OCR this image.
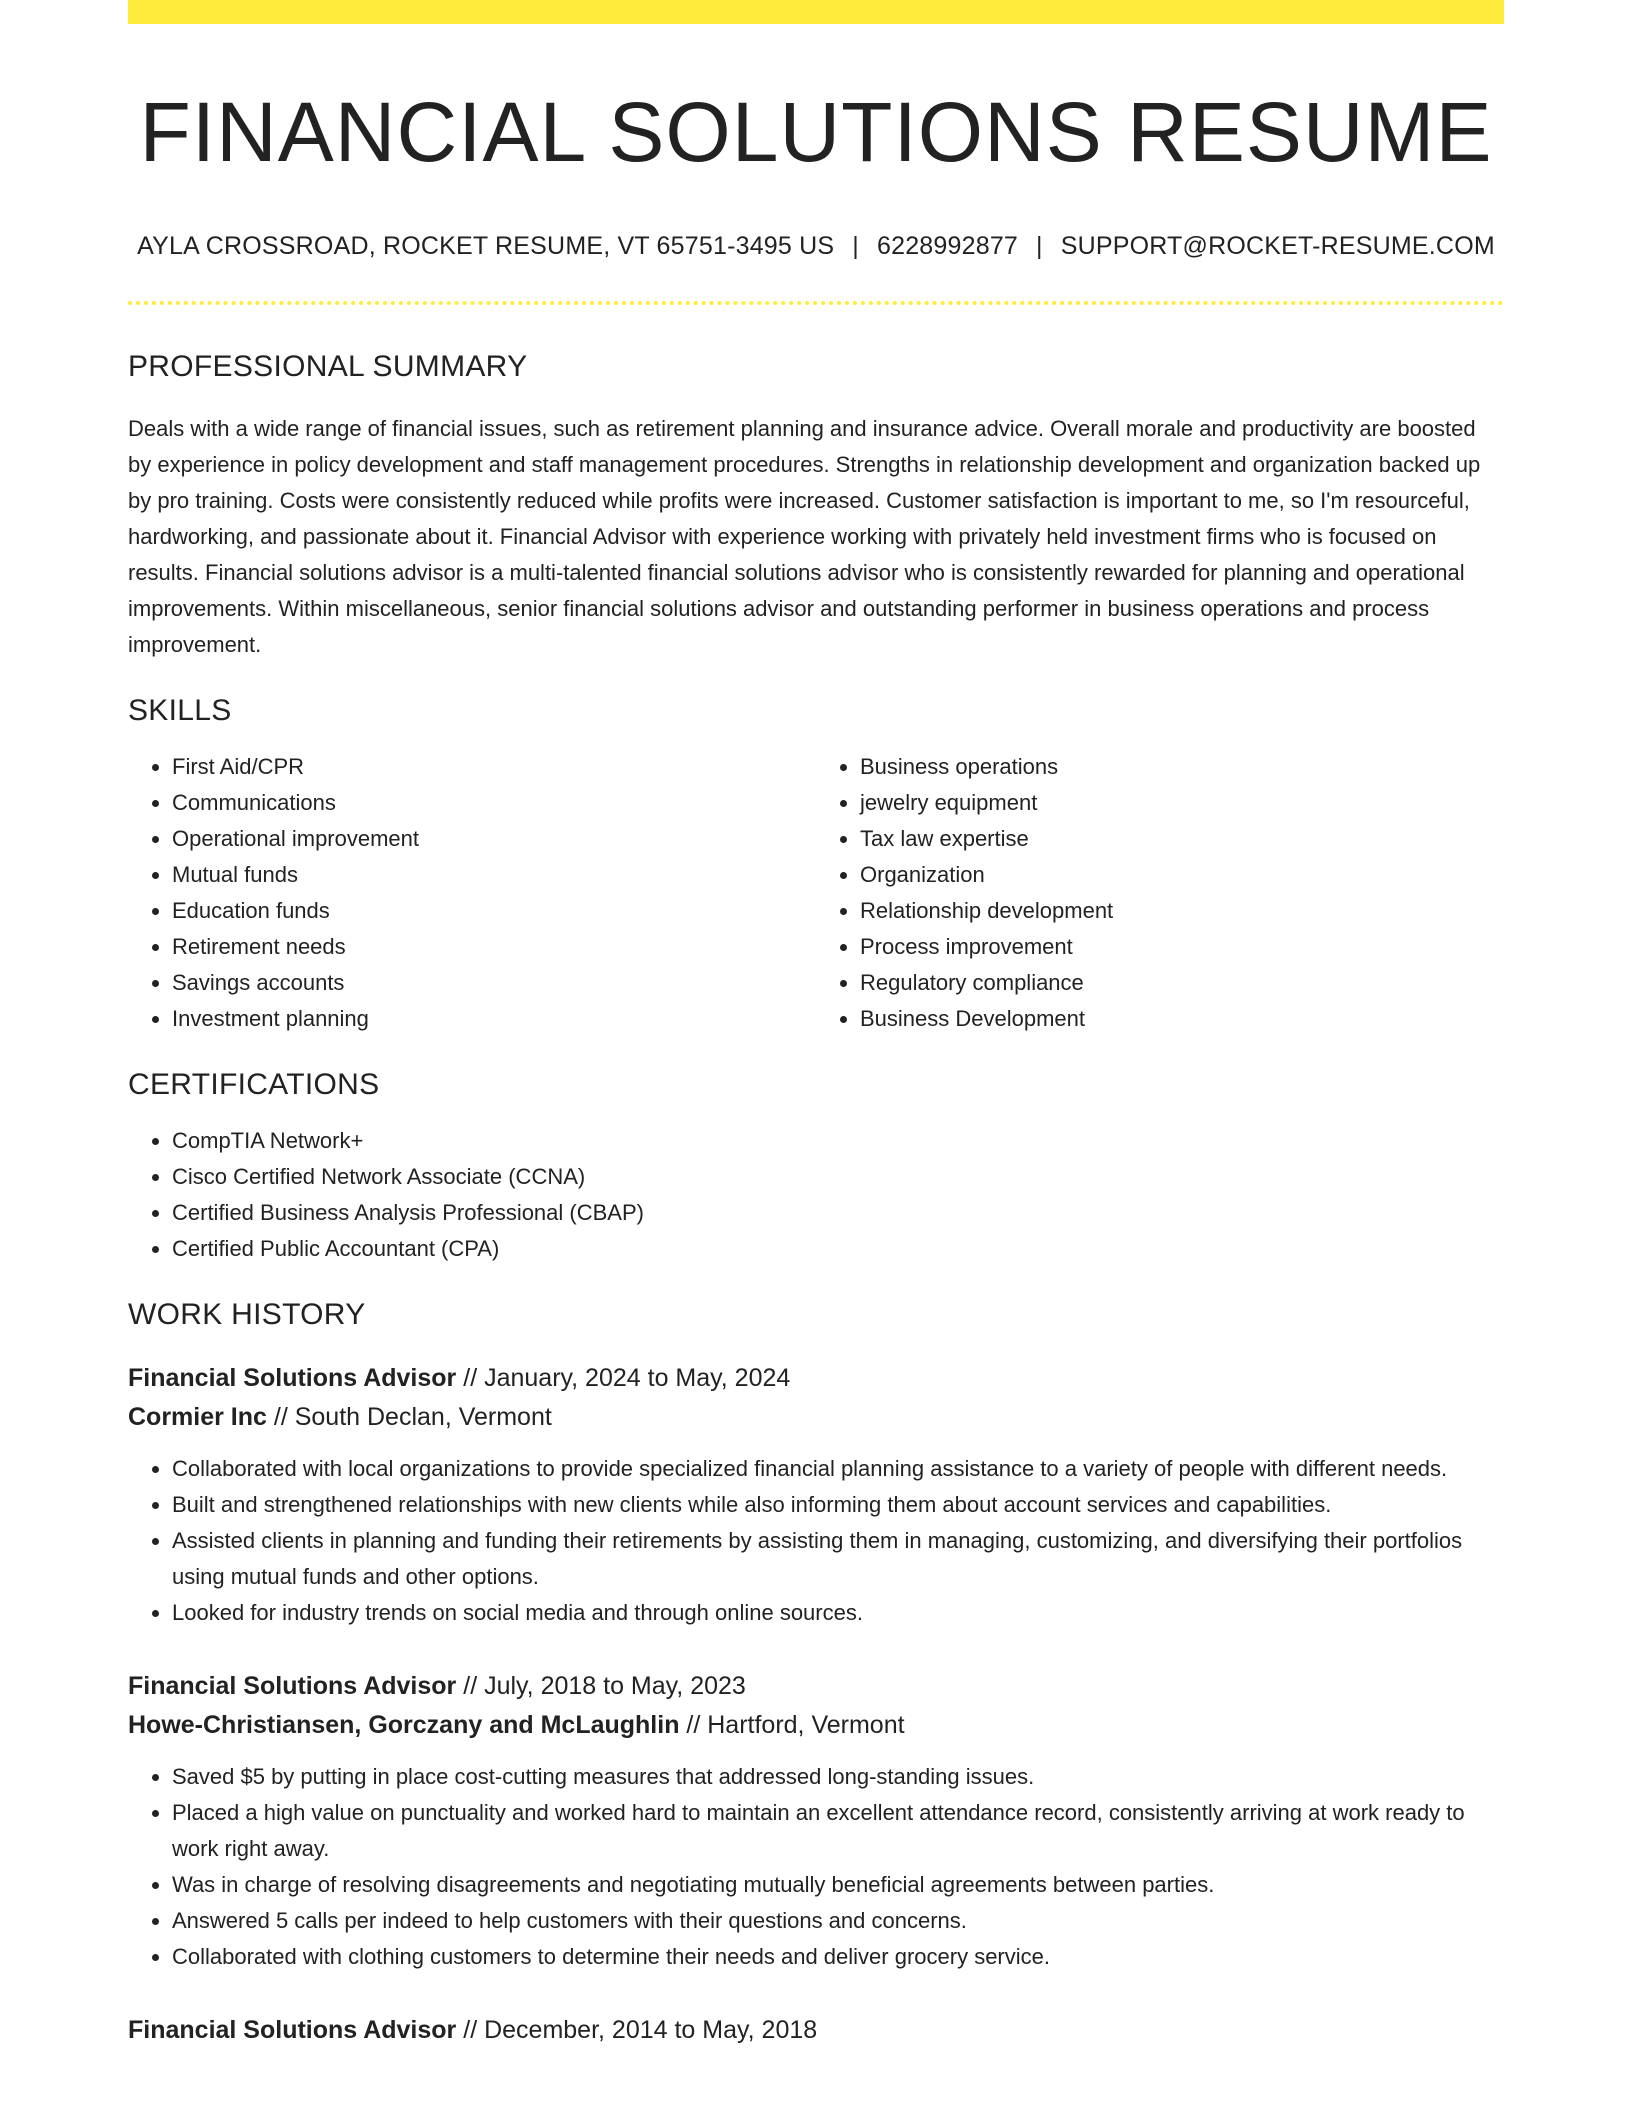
FINANCIAL SOLUTIONS RESUME
AYLA CROSSROAD, ROCKET RESUME, VT 65751-3495 US | 6228992877 | SUPPORT@ROCKET-RESUME.COM
PROFESSIONAL SUMMARY

Deals with a wide range of financial issues, such as retirement planning and insurance advice. Overall morale and productivity are boosted by experience in policy development and staff management procedures. Strengths in relationship development and organization backed up by pro training. Costs were consistently reduced while profits were increased. Customer satisfaction is important to me, so I'm resourceful, hardworking, and passionate about it. Financial Advisor with experience working with privately held investment firms who is focused on results. Financial solutions advisor is a multi-talented financial solutions advisor who is consistently rewarded for planning and operational improvements. Within miscellaneous, senior financial solutions advisor and outstanding performer in business operations and process improvement.

SKILLS
• First Aid/CPR
• Communications
• Operational improvement
• Mutual funds
• Education funds
• Retirement needs
• Savings accounts
• Investment planning
• Business operations
• jewelry equipment
• Tax law expertise
• Organization
• Relationship development
• Process improvement
• Regulatory compliance
• Business Development
CERTIFICATIONS
• CompTIA Network+
• Cisco Certified Network Associate (CCNA)
• Certified Business Analysis Professional (CBAP)
• Certified Public Accountant (CPA)
WORK HISTORY
Financial Solutions Advisor // January, 2024 to May, 2024
Cormier Inc // South Declan, Vermont
• Collaborated with local organizations to provide specialized financial planning assistance to a variety of people with different needs.
• Built and strengthened relationships with new clients while also informing them about account services and capabilities.
• Assisted clients in planning and funding their retirements by assisting them in managing, customizing, and diversifying their portfolios using mutual funds and other options.
• Looked for industry trends on social media and through online sources.
Financial Solutions Advisor // July, 2018 to May, 2023
Howe-Christiansen, Gorczany and McLaughlin // Hartford, Vermont
• Saved $5 by putting in place cost-cutting measures that addressed long-standing issues.
• Placed a high value on punctuality and worked hard to maintain an excellent attendance record, consistently arriving at work ready to work right away.
• Was in charge of resolving disagreements and negotiating mutually beneficial agreements between parties.
• Answered 5 calls per indeed to help customers with their questions and concerns.
• Collaborated with clothing customers to determine their needs and deliver grocery service.
Financial Solutions Advisor // December, 2014 to May, 2018
